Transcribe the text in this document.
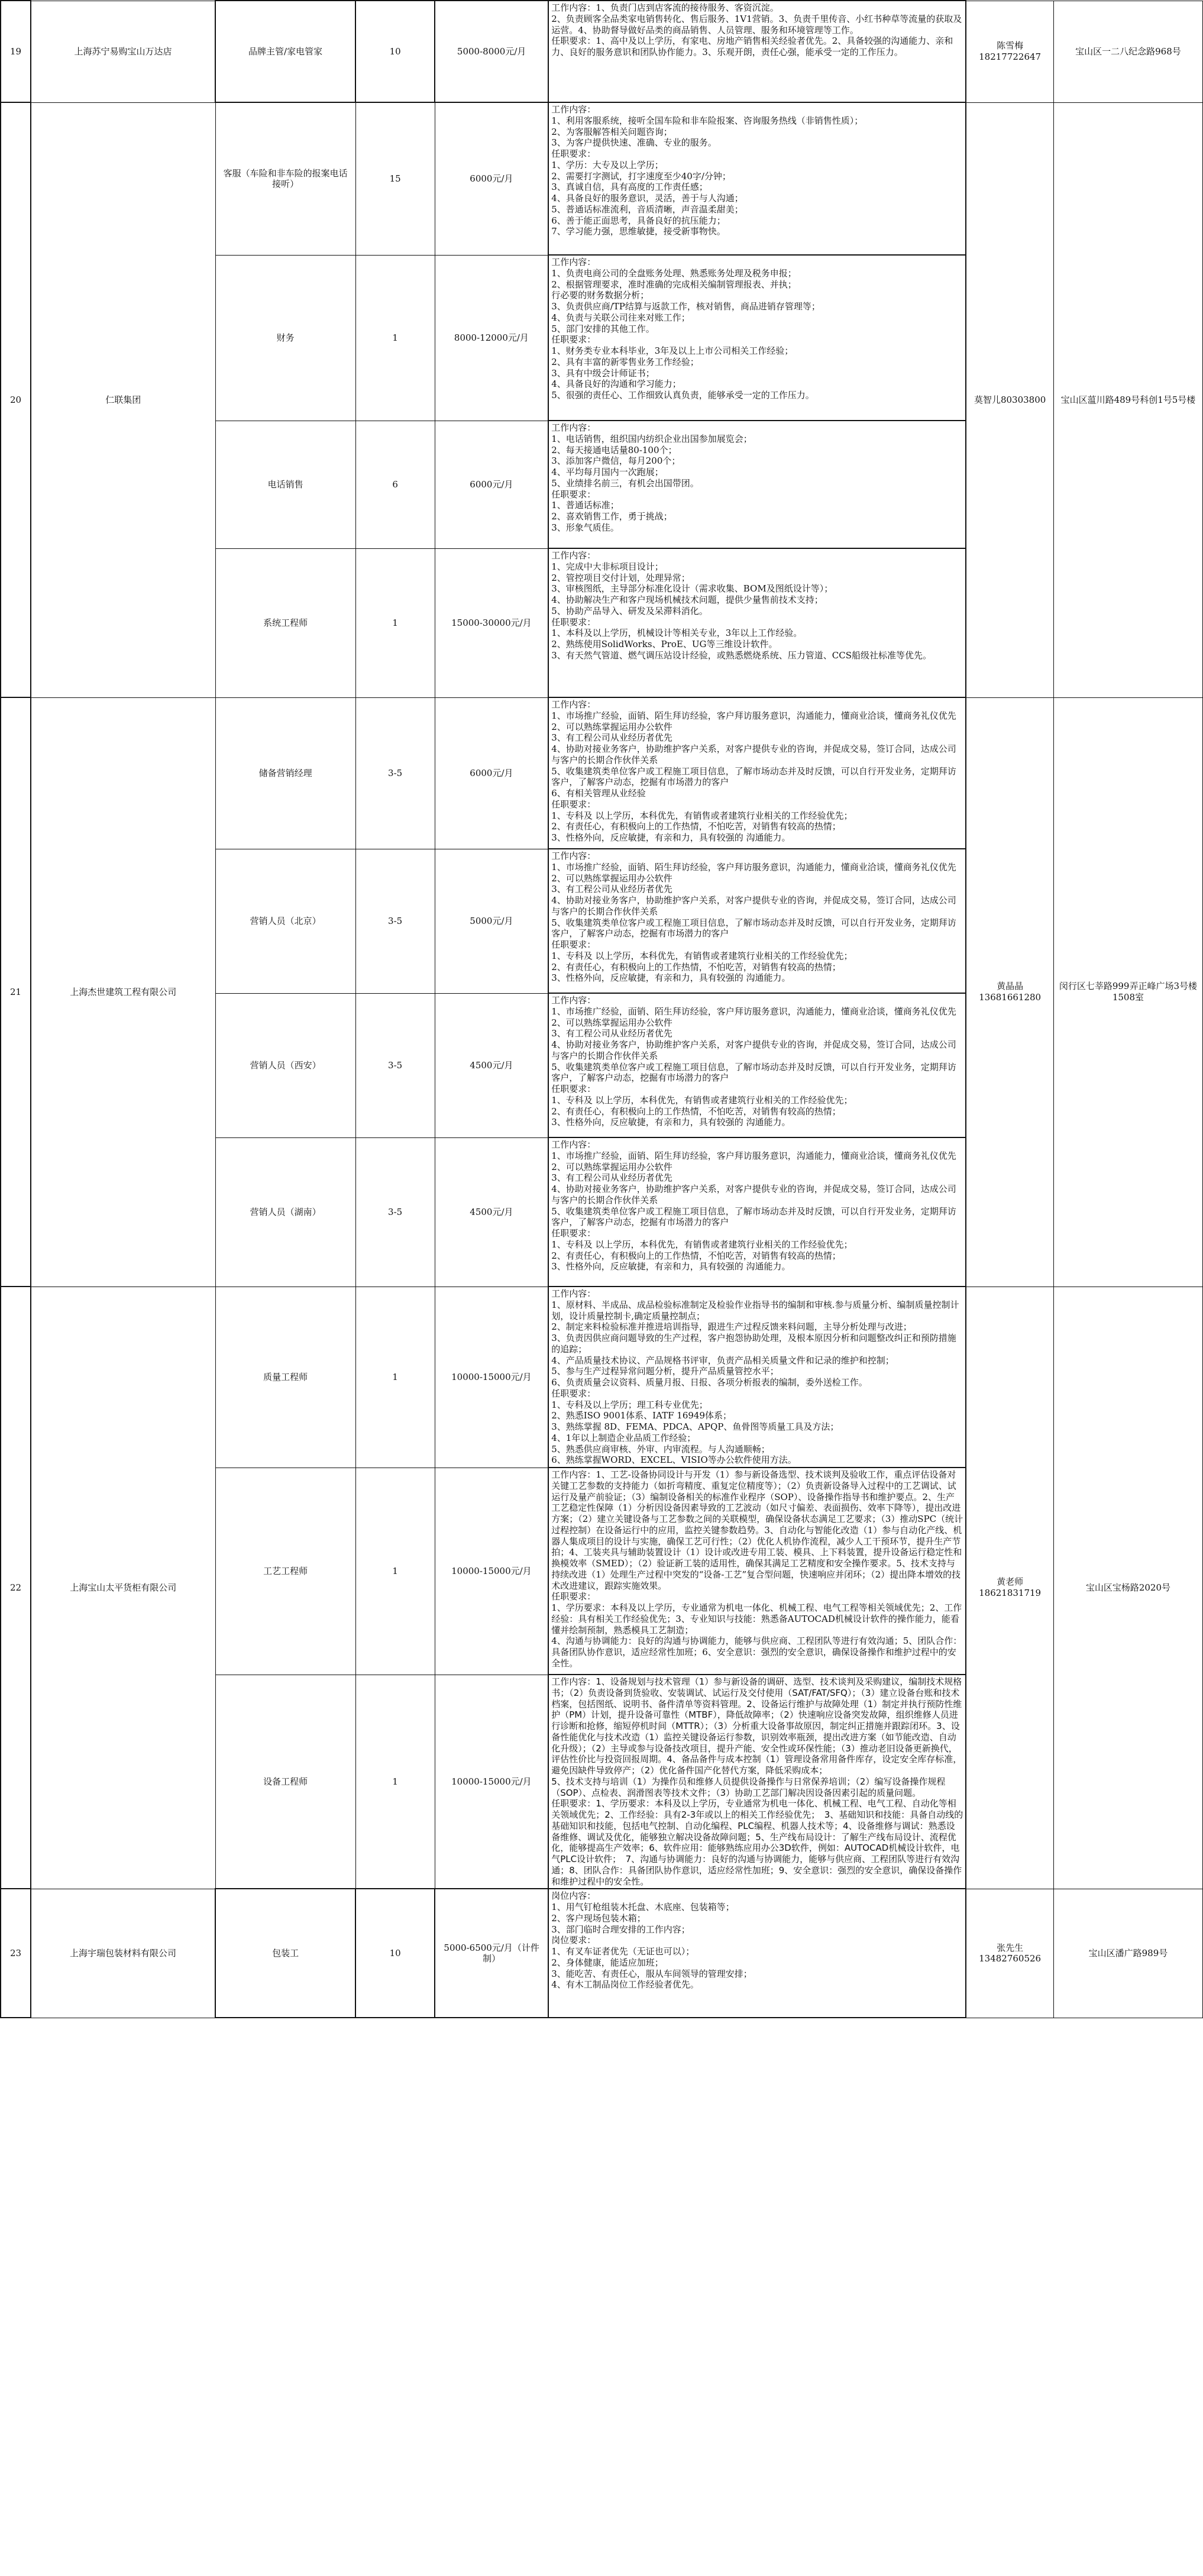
19	上海苏宁易购宝山万达店	品牌主管/家电管家	10	5000-8000元/月	工作内容：1、负责门店到店客流的接待服务、客资沉淀。
2、负责顾客全品类家电销售转化、售后服务、1V1营销。3、负责千里传音、小红书种草等流量的获取及运营。4、协助督导做好品类的商品销售、人员管理、服务和环境管理等工作。
任职要求：1、高中及以上学历，有家电、房地产销售相关经验者优先。2、具备较强的沟通能力、亲和力、良好的服务意识和团队协作能力。3、乐观开朗，责任心强，能承受一定的工作压力。	陈雪梅18217722647	宝山区一二八纪念路968号
20	仁联集团	客服（车险和非车险的报案电话接听）	15	6000元/月	
工作内容：
1、利用客服系统，接听全国车险和非车险报案、咨询服务热线（非销售性质）；
2、为客服解答相关问题咨询；
3、为客户提供快速、准确、专业的服务。
任职要求：
1、学历：大专及以上学历；
2、需要打字测试，打字速度至少40字/分钟；
3、真诚自信，具有高度的工作责任感；
4、具备良好的服务意识，灵活，善于与人沟通；
5、普通话标准流利，音质清晰，声音温柔甜美；
6、善于能正面思考，具备良好的抗压能力；
7、学习能力强，思维敏捷，接受新事物快。
	莫智儿80303800	宝山区蕰川路489号科创1号5号楼
财务	1	8000-12000元/月	
工作内容：
1、负责电商公司的全盘账务处理、熟悉账务处理及税务申报；
2、根据管理要求，准时准确的完成相关编制管理报表、并执；
行必要的财务数据分析；
3、负责供应商/TP结算与返款工作，核对销售，商品进销存管理等；
4、负责与关联公司往来对账工作；
5、部门安排的其他工作。
任职要求：
1、财务类专业本科毕业，3年及以上上市公司相关工作经验；
2、具有丰富的新零售业务工作经验；
3、具有中级会计师证书；
4、具备良好的沟通和学习能力；
5、很强的责任心、工作细致认真负责，能够承受一定的工作压力。

电话销售	6	6000元/月	
工作内容：
1、电话销售，组织国内纺织企业出国参加展览会；
2、每天接通电话量80-100个；
3、添加客户微信，每月200个；
4、平均每月国内一次跑展；
5、业绩排名前三，有机会出国带团。
任职要求：
1、普通话标准；
2、喜欢销售工作，勇于挑战；
3、形象气质佳。

系统工程师	1	15000-30000元/月	
工作内容：
1、完成中大非标项目设计；
2、管控项目交付计划，处理异常；
3、审核图纸，主导部分标准化设计（需求收集、BOM及图纸设计等）；
4、协助解决生产和客户现场机械技术问题，提供少量售前技术支持；
5、协助产品导入、研发及呆滞料消化。
任职要求：
1、本科及以上学历，机械设计等相关专业，3年以上工作经验。
2、熟练使用SolidWorks、ProE、UG等三维设计软件。
3、有天然气管道、燃气调压站设计经验，或熟悉燃烧系统、压力管道、CCS船级社标准等优先。

21	上海杰世建筑工程有限公司	储备营销经理	3-5	6000元/月	
工作内容：
1、市场推广经验，面销、陌生拜访经验，客户拜访服务意识，沟通能力，懂商业洽谈，懂商务礼仪优先
2、可以熟练掌握运用办公软件
3、有工程公司从业经历者优先
4、协助对接业务客户，协助维护客户关系，对客户提供专业的咨询，并促成交易，签订合同，达成公司与客户的长期合作伙伴关系
5、收集建筑类单位客户或工程施工项目信息，了解市场动态并及时反馈，可以自行开发业务，定期拜访客户，了解客户动态，挖掘有市场潜力的客户
6、有相关管理从业经验
任职要求：
1、专科及 以上学历，本科优先，有销售或者建筑行业相关的工作经验优先；
2、有责任心，有积极向上的工作热情，不怕吃苦，对销售有较高的热情；
3、性格外向，反应敏捷，有亲和力，具有较强的 沟通能力。
	黄晶晶13681661280	闵行区七莘路999弄正峰广场3号楼1508室
营销人员（北京）	3-5	5000元/月	
工作内容：
1、市场推广经验，面销、陌生拜访经验，客户拜访服务意识，沟通能力，懂商业洽谈，懂商务礼仪优先
2、可以熟练掌握运用办公软件
3、有工程公司从业经历者优先
4、协助对接业务客户，协助维护客户关系，对客户提供专业的咨询，并促成交易，签订合同，达成公司与客户的长期合作伙伴关系
5、收集建筑类单位客户或工程施工项目信息，了解市场动态并及时反馈，可以自行开发业务，定期拜访客户，了解客户动态，挖掘有市场潜力的客户
任职要求：
1、专科及 以上学历，本科优先，有销售或者建筑行业相关的工作经验优先；
2、有责任心，有积极向上的工作热情，不怕吃苦，对销售有较高的热情；
3、性格外向，反应敏捷，有亲和力，具有较强的 沟通能力。

营销人员（西安）	3-5	4500元/月	
工作内容：
1、市场推广经验，面销、陌生拜访经验，客户拜访服务意识，沟通能力，懂商业洽谈，懂商务礼仪优先
2、可以熟练掌握运用办公软件
3、有工程公司从业经历者优先
4、协助对接业务客户，协助维护客户关系，对客户提供专业的咨询，并促成交易，签订合同，达成公司与客户的长期合作伙伴关系
5、收集建筑类单位客户或工程施工项目信息，了解市场动态并及时反馈，可以自行开发业务，定期拜访客户，了解客户动态，挖掘有市场潜力的客户
任职要求：
1、专科及 以上学历，本科优先，有销售或者建筑行业相关的工作经验优先；
2、有责任心，有积极向上的工作热情，不怕吃苦，对销售有较高的热情；
3、性格外向，反应敏捷，有亲和力，具有较强的 沟通能力。

营销人员（湖南）	3-5	4500元/月	
工作内容：
1、市场推广经验，面销、陌生拜访经验，客户拜访服务意识，沟通能力，懂商业洽谈，懂商务礼仪优先
2、可以熟练掌握运用办公软件
3、有工程公司从业经历者优先
4、协助对接业务客户，协助维护客户关系，对客户提供专业的咨询，并促成交易，签订合同，达成公司与客户的长期合作伙伴关系
5、收集建筑类单位客户或工程施工项目信息，了解市场动态并及时反馈，可以自行开发业务，定期拜访客户，了解客户动态，挖掘有市场潜力的客户
任职要求：
1、专科及 以上学历，本科优先，有销售或者建筑行业相关的工作经验优先；
2、有责任心，有积极向上的工作热情，不怕吃苦，对销售有较高的热情；
3、性格外向，反应敏捷，有亲和力，具有较强的 沟通能力。

22	上海宝山太平货柜有限公司	质量工程师	1	10000-15000元/月	
工作内容：
1、原材料、半成品、成品检验标准制定及检验作业指导书的编制和审核.参与质量分析、编制质量控制计划，设计质量控制卡,确定质量控制点；
2、制定来料检验标准并推进培训指导，跟进生产过程反馈来料问题，主导分析处理与改进；
3、负责因供应商问题导致的生产过程，客户抱怨协助处理，及根本原因分析和问题整改纠正和预防措施的追踪；
4、产品质量技术协议、产品规格书评审，负责产品相关质量文件和记录的维护和控制；
5、参与生产过程异常问题分析，提升产品质量管控水平；
6、负责质量会议资料、质量月报、日报、各项分析报表的编制，委外送检工作。
任职要求：
1、专科及以上学历；理工科专业优先；
2、熟悉ISO 9001体系、IATF 16949体系；
3、熟练掌握 8D、FEMA、PDCA、APQP、鱼骨图等质量工具及方法；
4、1年以上制造企业品质工作经验；
5、熟悉供应商审核、外审、内审流程。与人沟通顺畅；
6、熟练掌握WORD、EXCEL、VISIO等办公软件使用方法。
	黄老师18621831719	宝山区宝杨路2020号
		工艺工程师	1	10000-15000元/月	工作内容：1、工艺-设备协同设计与开发（1）参与新设备选型、技术谈判及验收工作，重点评估设备对关键工艺参数的支持能力（如折弯精度、重复定位精度等）；（2）负责新设备导入过程中的工艺调试、试运行及量产前验证；（3）编制设备相关的标准作业程序（SOP）、设备操作指导书和维护要点。2、生产工艺稳定性保障（1）分析因设备因素导致的工艺波动（如尺寸偏差、表面损伤、效率下降等），提出改进方案；（2）建立关键设备与工艺参数之间的关联模型，确保设备状态满足工艺要求；（3）推动SPC（统计过程控制）在设备运行中的应用，监控关键参数趋势。3、自动化与智能化改造（1）参与自动化产线、机器人集成项目的设计与实施，确保工艺可行性；（2）优化人机协作流程，减少人工干预环节，提升生产节拍；4、工装夹具与辅助装置设计（1）设计或改进专用工装、模具、上下料装置，提升设备运行稳定性和换模效率（SMED）；（2）验证新工装的适用性，确保其满足工艺精度和安全操作要求。5、技术支持与持续改进（1）处理生产过程中突发的“设备-工艺”复合型问题，快速响应并闭环；（2）提出降本增效的技术改进建议，跟踪实施效果。
任职要求：
1、学历要求：本科及以上学历，专业通常为机电一体化、机械工程、电气工程等相关领域优先；2、工作经验：具有相关工作经验优先；3、专业知识与技能：熟悉备AUTOCAD机械设计软件的操作能力，能看懂并绘制预制，熟悉模具工艺制造；
4、沟通与协调能力：良好的沟通与协调能力，能够与供应商、工程团队等进行有效沟通；5、团队合作：具备团队协作意识，适应经常性加班；6、安全意识：强烈的安全意识，确保设备操作和维护过程中的安全性。		

		设备工程师	1	10000-15000元/月	工作内容：1、设备规划与技术管理（1）参与新设备的调研、选型、技术谈判及采购建议，编制技术规格书；（2）负责设备到货验收、安装调试、试运行及交付使用（SAT/FAT/SFQ）；（3）建立设备台账和技术档案，包括图纸、说明书、备件清单等资料管理。2、设备运行维护与故障处理（1）制定并执行预防性维护（PM）计划，提升设备可靠性（MTBF），降低故障率；（2）快速响应设备突发故障，组织维修人员进行诊断和抢修，缩短停机时间（MTTR）；（3）分析重大设备事故原因，制定纠正措施并跟踪闭环。3、设备性能优化与技术改造（1）监控关键设备运行参数，识别效率瓶颈，提出改进方案（如节能改造、自动化升级）；（2）主导或参与设备技改项目，提升产能、安全性或环保性能；（3）推动老旧设备更新换代，评估性价比与投资回报周期。4、备品备件与成本控制（1）管理设备常用备件库存，设定安全库存标准，避免因缺件导致停产；（2）优化备件国产化替代方案，降低采购成本；
5、技术支持与培训（1）为操作员和维修人员提供设备操作与日常保养培训；（2）编写设备操作规程（SOP）、点检表、润滑图表等技术文件；（3）协助工艺部门解决因设备因素引起的质量问题。
任职要求：1、学历要求：本科及以上学历，专业通常为机电一体化、机械工程、电气工程、自动化等相关领域优先；2、工作经验：具有2-3年或以上的相关工作经验优先；　3、基础知识和技能：具备自动线的基础知识和技能，包括电气控制、自动化编程、PLC编程、机器人技术等；4、设备维修与调试：熟悉设备维修、调试及优化，能够独立解决设备故障问题；5、生产线布局设计：了解生产线布局设计、流程优化，能够提高生产效率；6、软件应用：能够熟练应用办公3D软件，例如：AUTOCAD机械设计软件，电气PLC设计软件；　7、沟通与协调能力：良好的沟通与协调能力，能够与供应商、工程团队等进行有效沟通；8、团队合作：具备团队协作意识，适应经常性加班；9、安全意识：强烈的安全意识，确保设备操作和维护过程中的安全性。		

23	上海宇瑞包装材料有限公司	包装工	10	5000-6500元/月（计件制）	
岗位内容：
1、用气钉枪组装木托盘、木底座、包装箱等；
2、客户现场包装木箱；
3、部门临时合理安排的工作内容；
岗位要求：
1、有叉车证者优先（无证也可以）；
2、身体健康，能适应加班；
3、能吃苦、有责任心，服从车间领导的管理安排；
4、有木工制品岗位工作经验者优先。
	张先生13482760526	宝山区潘广路989号
